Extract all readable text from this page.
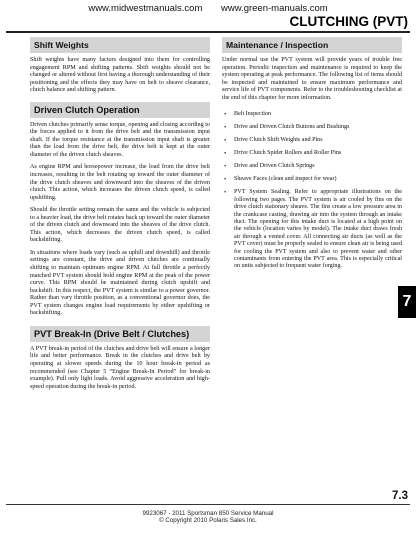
www.midwestmanuals.com www.green-manuals.com
CLUTCHING (PVT)
Shift Weights

Shift weights have many factors designed into them for controlling engagement RPM and shifting patterns. Shift weights should not be changed or altered without first having a thorough understanding of their positioning and the effects they may have on belt to sheave clearance, clutch balance and shifting pattern.

Driven Clutch Operation

Driven clutches primarily sense torque, opening and closing according to the forces applied to it from the drive belt and the transmission input shaft. If the torque resistance at the transmission input shaft is greater than the load from the drive belt, the drive belt is kept at the outer diameter of the driven clutch sheaves.

As engine RPM and horsepower increase, the load from the drive belt increases, resulting in the belt rotating up toward the outer diameter of the drive clutch sheaves and downward into the sheaves of the driven clutch. This action, which increases the driven clutch speed, is called upshifting.

Should the throttle setting remain the same and the vehicle is subjected to a heavier load, the drive belt rotates back up toward the outer diameter of the driven clutch and downward into the sheaves of the drive clutch. This action, which decreases the driven clutch speed, is called backshifting.

In situations where loads vary (such as uphill and downhill) and throttle settings are constant, the drive and driven clutches are continually shifting to maintain optimum engine RPM. At full throttle a perfectly matched PVT system should hold engine RPM at the peak of the power curve. This RPM should be maintained during clutch upshift and backshift. In this respect, the PVT system is similar to a power governor. Rather than vary throttle position, as a conventional governor does, the PVT system changes engine load requirements by either upshifting or backshifting.

PVT Break-In (Drive Belt / Clutches)

A PVT break-in period of the clutches and drive belt will ensure a longer life and better performance. Break in the clutches and drive belt by operating at slower speeds during the 10 hour break-in period as recommended (see Chapter 5 “Engine Break-In Period” for break-in example). Pull only light loads. Avoid aggressive acceleration and high-speed operation during the break-in period.

Maintenance / Inspection

Under normal use the PVT system will provide years of trouble free operation. Periodic inspection and maintenance is required to keep the system operating at peak performance. The following list of items should be inspected and maintained to ensure maximum performance and service life of PVT components. Refer to the troubleshooting checklist at the end of this chapter for more information.

• Belt Inspection
• Drive and Driven Clutch Buttons and Bushings
• Drive Clutch Shift Weights and Pins
• Drive Clutch Spider Rollers and Roller Pins
• Drive and Driven Clutch Springs
• Sheave Faces (clean and inspect for wear)
• PVT System Sealing. Refer to appropriate illustrations on the following two pages. The PVT system is air cooled by fins on the drive clutch stationary sheave. The fins create a low pressure area in the crankcase casting, drawing air into the system through an intake duct. The opening for this intake duct is located at a high point on the vehicle (location varies by model). The intake duct draws fresh air through a vented cover. All connecting air ducts (as well as the PVT cover) must be properly sealed to ensure clean air is being used for cooling the PVT system and also to prevent water and other contaminants from entering the PVT area. This is especially critical on units subjected to frequent water forging.
7
7.3
9923067 - 2011 Sportsman 850 Service Manual
© Copyright 2010 Polaris Sales Inc.
